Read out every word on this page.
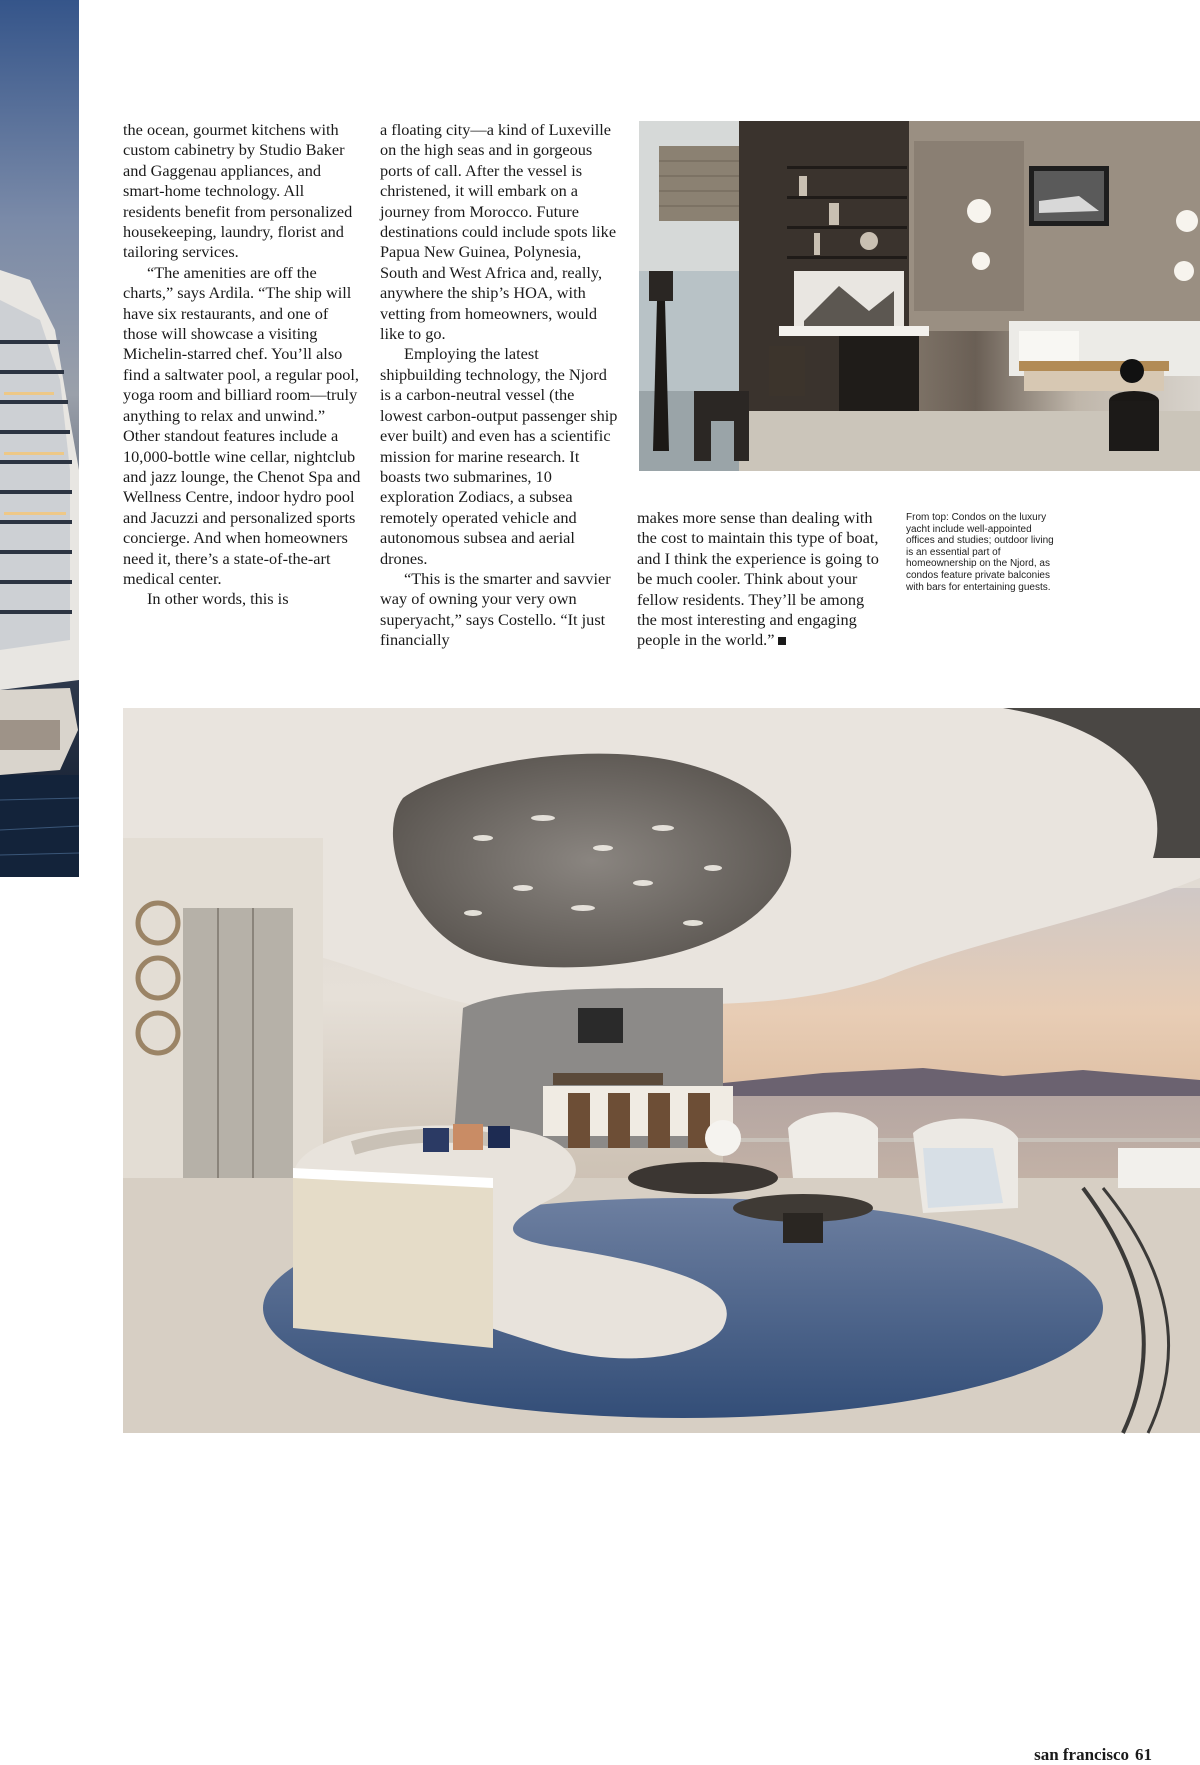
the ocean, gourmet kitchens with custom cabinetry by Studio Baker and Gaggenau appliances, and smart-home technology. All residents benefit from personalized housekeeping, laundry, florist and tailoring services.

“The amenities are off the charts,” says Ardila. “The ship will have six restaurants, and one of those will showcase a visiting Michelin-starred chef. You’ll also find a saltwater pool, a regular pool, yoga room and billiard room—truly anything to relax and unwind.” Other standout features include a 10,000-bottle wine cellar, nightclub and jazz lounge, the Chenot Spa and Wellness Centre, indoor hydro pool and Jacuzzi and personalized sports concierge. And when homeowners need it, there’s a state-of-the-art medical center.

In other words, this is

a floating city—a kind of Luxeville on the high seas and in gorgeous ports of call. After the vessel is christened, it will embark on a journey from Morocco. Future destinations could include spots like Papua New Guinea, Polynesia, South and West Africa and, really, anywhere the ship’s HOA, with vetting from homeowners, would like to go.

Employing the latest shipbuilding technology, the Njord is a carbon-neutral vessel (the lowest carbon-output passenger ship ever built) and even has a scientific mission for marine research. It boasts two submarines, 10 exploration Zodiacs, a subsea remotely operated vehicle and autonomous subsea and aerial drones.

“This is the smarter and savvier way of owning your very own superyacht,” says Costello. “It just financially

makes more sense than dealing with the cost to maintain this type of boat, and I think the experience is going to be much cooler. Think about your fellow residents. They’ll be among the most interesting and engaging people in the world.”

From top: Condos on the luxury yacht include well-appointed offices and studies; outdoor living is an essential part of homeownership on the Njord, as condos feature private balconies with bars for entertaining guests.
san francisco 61
